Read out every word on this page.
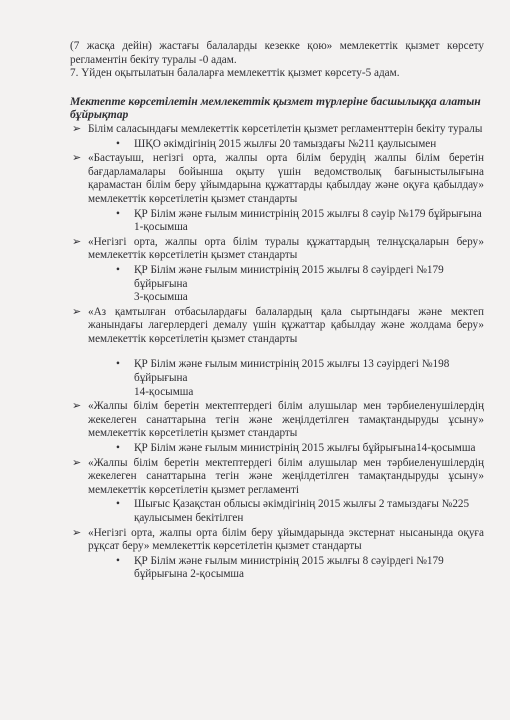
(7 жасқа дейін) жастағы балаларды кезекке қою» мемлекеттік қызмет көрсету регламентін бекіту туралы -0 адам.

7. Үйден оқытылатын балаларға мемлекеттік қызмет көрсету-5 адам.

Мектепте көрсетілетін мемлекеттік қызмет түрлеріне басшылыққа алатын бұйрықтар

➢ Білім саласындағы мемлекеттік көрсетілетін қызмет регламенттерін бекіту туралы
• ШҚО әкімдігінің 2015 жылғы 20 тамыздағы №211 қаулысымен
➢ «Бастауыш, негізгі орта, жалпы орта білім берудің жалпы білім беретін бағдарламалары бойынша оқыту үшін ведомстволық бағыныстылығына қарамастан білім беру ұйымдарына құжаттарды қабылдау және оқуға қабылдау» мемлекеттік көрсетілетін қызмет стандарты
• ҚР Білім және ғылым министрінің 2015 жылғы 8 сәуір №179 бұйрығына 1-қосымша
➢ «Негізгі орта, жалпы орта білім туралы құжаттардың телнұсқаларын беру» мемлекеттік көрсетілетін қызмет стандарты
• ҚР Білім және ғылым министрінің 2015 жылғы 8 сәуірдегі №179 бұйрығына
3-қосымша
➢ «Аз қамтылған отбасылардағы балалардың қала сыртындағы және мектеп жанындағы лагерлердегі демалу үшін құжаттар қабылдау және жолдама беру» мемлекеттік көрсетілетін қызмет стандарты
• ҚР Білім және ғылым министрінің 2015 жылғы 13 сәуірдегі №198 бұйрығына
14-қосымша
➢ «Жалпы білім беретін мектептердегі білім алушылар мен тәрбиеленушілердің жекелеген санаттарына тегін және жеңілдетілген тамақтандыруды ұсыну» мемлекеттік көрсетілетін қызмет стандарты
• ҚР Білім және ғылым министрінің 2015 жылғы бұйрығына14-қосымша
➢ «Жалпы білім беретін мектептердегі білім алушылар мен тәрбиеленушілердің жекелеген санаттарына тегін және жеңілдетілген тамақтандыруды ұсыну» мемлекеттік көрсетілетін қызмет регламенті
• Шығыс Қазақстан облысы әкімдігінің 2015 жылғы 2 тамыздағы №225 қаулысымен бекітілген
➢ «Негізгі орта, жалпы орта білім беру ұйымдарында экстернат нысанында оқуға рұқсат беру» мемлекеттік көрсетілетін қызмет стандарты
• ҚР Білім және ғылым министрінің 2015 жылғы 8 сәуірдегі №179 бұйрығына 2-қосымша
